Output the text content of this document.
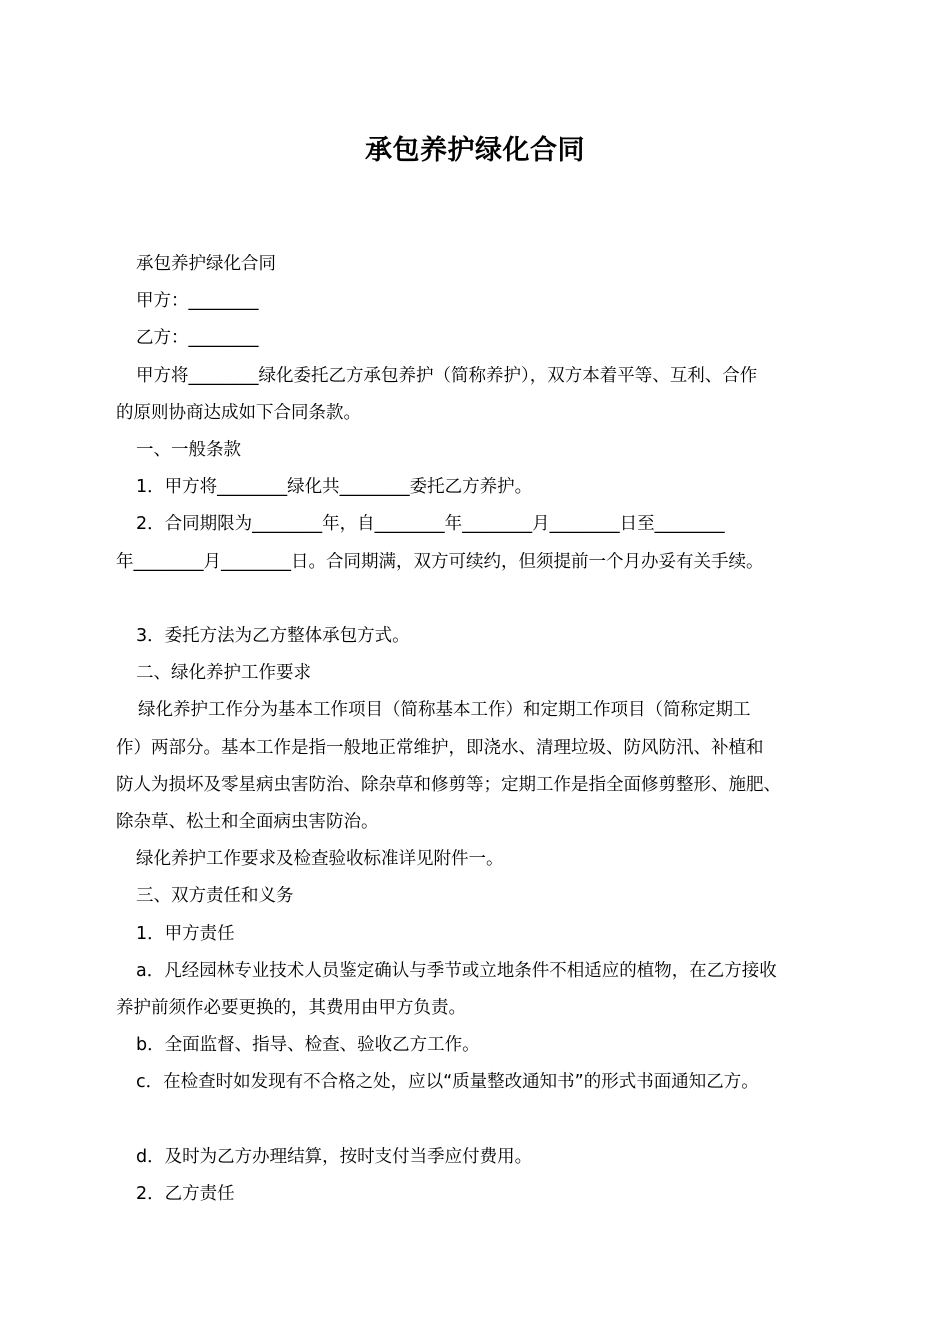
承包养护绿化合同

承包养护绿化合同

甲方：________

乙方：________

甲方将________绿化委托乙方承包养护（简称养护），双方本着平等、互利、合作

的原则协商达成如下合同条款。

一、一般条款

1．甲方将________绿化共________委托乙方养护。

2．合同期限为________年，自________年________月________日至________

年________月________日。合同期满，双方可续约，但须提前一个月办妥有关手续。

3．委托方法为乙方整体承包方式。

二、绿化养护工作要求

绿化养护工作分为基本工作项目（简称基本工作）和定期工作项目（简称定期工

作）两部分。基本工作是指一般地正常维护，即浇水、清理垃圾、防风防汛、补植和

防人为损坏及零星病虫害防治、除杂草和修剪等；定期工作是指全面修剪整形、施肥、

除杂草、松土和全面病虫害防治。

绿化养护工作要求及检查验收标准详见附件一。

三、双方责任和义务

1．甲方责任

a．凡经园林专业技术人员鉴定确认与季节或立地条件不相适应的植物，在乙方接收

养护前须作必要更换的，其费用由甲方负责。

b．全面监督、指导、检查、验收乙方工作。

c．在检查时如发现有不合格之处，应以“质量整改通知书”的形式书面通知乙方。

d．及时为乙方办理结算，按时支付当季应付费用。

2．乙方责任
